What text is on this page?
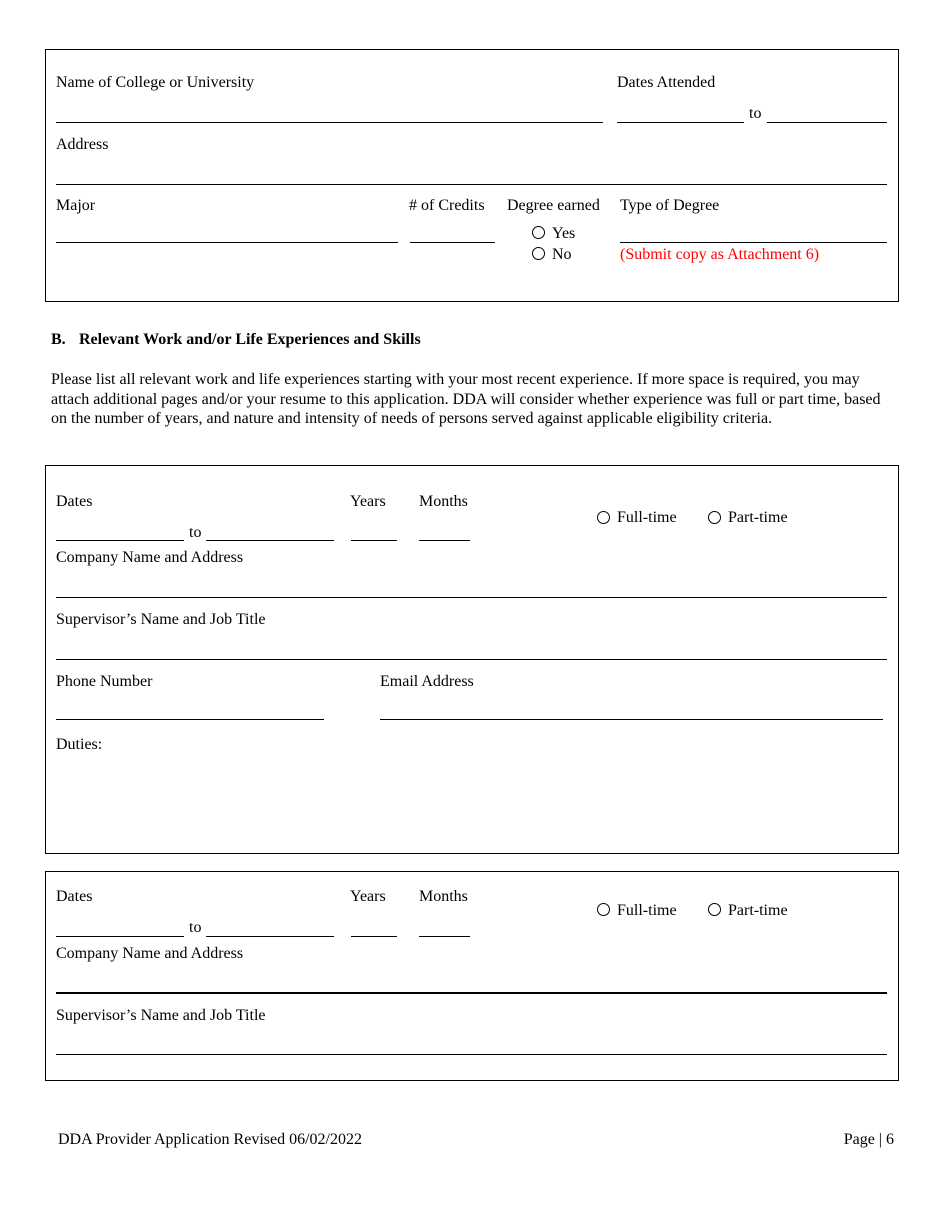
Name of College or University	Dates Attended
to
Address
Major	# of Credits Degree earned
Yes
No
Type of Degree
(Submit copy as Attachment 6)
B. Relevant Work and/or Life Experiences and Skills
Please list all relevant work and life experiences starting with your most recent experience. If more space is required, you may attach additional pages and/or your resume to this application. DDA will consider whether experience was full or part time, based on the number of years, and nature and intensity of needs of persons served against applicable eligibility criteria.
Dates
to
Years Months
Full-time	Part-time
Company Name and Address
Supervisor’s Name and Job Title
Phone Number	Email Address
Duties:
Dates
to
Years Months
Full-time	Part-time
Company Name and Address
Supervisor’s Name and Job Title
DDA Provider Application Revised 06/02/2022	Page | 6
